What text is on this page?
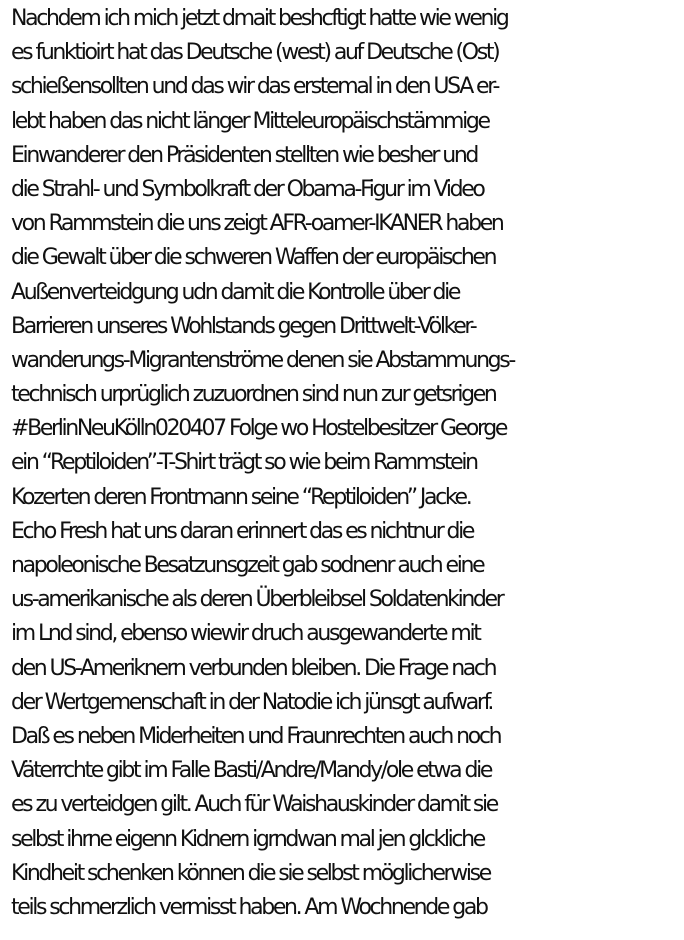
Nachdem ich mich jetzt dmait beshcftigt hatte wie wenig
es funktioirt hat das Deutsche (west) auf Deutsche (Ost)
schießensollten und das wir das erstemal in den USA er-
lebt haben das nicht länger Mitteleuropäischstämmige
Einwanderer den Präsidenten stellten wie besher und
die Strahl- und Symbolkraft der Obama-Figur im Video
von Rammstein die uns zeigt AFR-oamer-IKANER haben
die Gewalt über die schweren Waffen der europäischen
Außenverteidgung udn damit die Kontrolle über die
Barrieren unseres Wohlstands gegen Drittwelt-Völker-
wanderungs-Migrantenströme denen sie Abstammungs-
technisch urprüglich zuzuordnen sind nun zur getsrigen
#BerlinNeuKölln020407 Folge wo Hostelbesitzer George
ein “Reptiloiden”-T-Shirt trägt so wie beim Rammstein
Kozerten deren Frontmann seine “Reptiloiden” Jacke.
Echo Fresh hat uns daran erinnert das es nichtnur die
napoleonische Besatzunsgzeit gab sodnenr auch eine
us-amerikanische als deren Überbleibsel Soldatenkinder
im Lnd sind, ebenso wiewir druch ausgewanderte mit
den US-Ameriknern verbunden bleiben. Die Frage nach
der Wertgemenschaft in der Natodie ich jünsgt aufwarf.
Daß es neben Miderheiten und Fraunrechten auch noch
Väterrchte gibt im Falle Basti/Andre/Mandy/ole etwa die
es zu verteidgen gilt. Auch für Waishauskinder damit sie
selbst ihrne eigenn Kidnern igrndwan mal jen glckliche
Kindheit schenken können die sie selbst möglicherwise
teils schmerzlich vermisst haben. Am Wochnende gab
